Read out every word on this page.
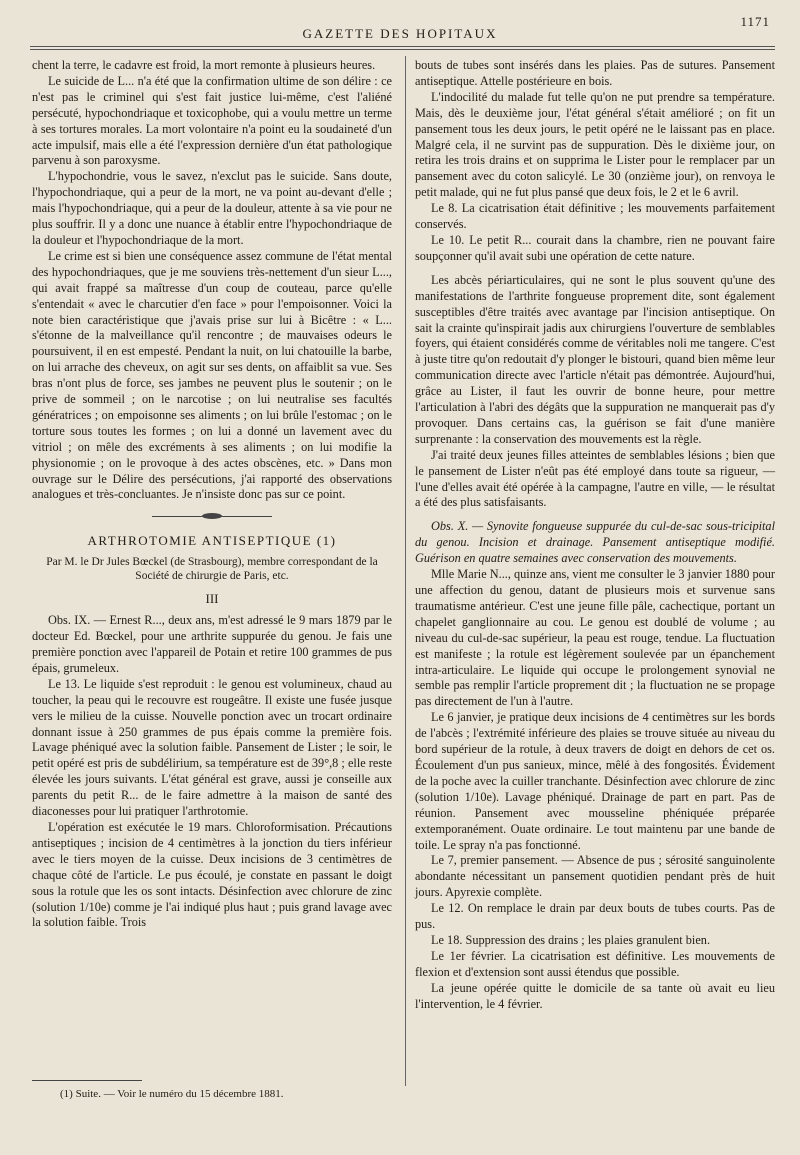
GAZETTE DES HOPITAUX
1171

chent la terre, le cadavre est froid, la mort remonte à plusieurs heures.

Le suicide de L... n'a été que la confirmation ultime de son délire : ce n'est pas le criminel qui s'est fait justice lui-même, c'est l'aliéné persécuté, hypochondriaque et toxicophobe, qui a voulu mettre un terme à ses tortures morales. La mort volontaire n'a point eu la soudaineté d'un acte impulsif, mais elle a été l'expression dernière d'un état pathologique parvenu à son paroxysme.

L'hypochondrie, vous le savez, n'exclut pas le suicide. Sans doute, l'hypochondriaque, qui a peur de la mort, ne va point au-devant d'elle ; mais l'hypochondriaque, qui a peur de la douleur, attente à sa vie pour ne plus souffrir. Il y a donc une nuance à établir entre l'hypochondriaque de la douleur et l'hypochondriaque de la mort.

Le crime est si bien une conséquence assez commune de l'état mental des hypochondriaques, que je me souviens très-nettement d'un sieur L..., qui avait frappé sa maîtresse d'un coup de couteau, parce qu'elle s'entendait « avec le charcutier d'en face » pour l'empoisonner. Voici la note bien caractéristique que j'avais prise sur lui à Bicêtre : « L... s'étonne de la malveillance qu'il rencontre ; de mauvaises odeurs le poursuivent, il en est empesté. Pendant la nuit, on lui chatouille la barbe, on lui arrache des cheveux, on agit sur ses dents, on affaiblit sa vue. Ses bras n'ont plus de force, ses jambes ne peuvent plus le soutenir ; on le prive de sommeil ; on le narcotise ; on lui neutralise ses facultés génératrices ; on empoisonne ses aliments ; on lui brûle l'estomac ; on le torture sous toutes les formes ; on lui a donné un lavement avec du vitriol ; on mêle des excréments à ses aliments ; on lui modifie la physionomie ; on le provoque à des actes obscènes, etc. » Dans mon ouvrage sur le Délire des persécutions, j'ai rapporté des observations analogues et très-concluantes. Je n'insiste donc pas sur ce point.

ARTHROTOMIE ANTISEPTIQUE (1)
Par M. le Dr Jules Bœckel (de Strasbourg), membre correspondant de la Société de chirurgie de Paris, etc.
III

Obs. IX. — Ernest R..., deux ans, m'est adressé le 9 mars 1879 par le docteur Ed. Bœckel, pour une arthrite suppurée du genou. Je fais une première ponction avec l'appareil de Potain et retire 100 grammes de pus épais, grumeleux.

Le 13. Le liquide s'est reproduit : le genou est volumineux, chaud au toucher, la peau qui le recouvre est rougeâtre. Il existe une fusée jusque vers le milieu de la cuisse. Nouvelle ponction avec un trocart ordinaire donnant issue à 250 grammes de pus épais comme la première fois. Lavage phéniqué avec la solution faible. Pansement de Lister ; le soir, le petit opéré est pris de subdélirium, sa température est de 39°,8 ; elle reste élevée les jours suivants. L'état général est grave, aussi je conseille aux parents du petit R... de le faire admettre à la maison de santé des diaconesses pour lui pratiquer l'arthrotomie.

L'opération est exécutée le 19 mars. Chloroformisation. Précautions antiseptiques ; incision de 4 centimètres à la jonction du tiers inférieur avec le tiers moyen de la cuisse. Deux incisions de 3 centimètres de chaque côté de l'article. Le pus écoulé, je constate en passant le doigt sous la rotule que les os sont intacts. Désinfection avec chlorure de zinc (solution 1/10e) comme je l'ai indiqué plus haut ; puis grand lavage avec la solution faible. Trois

(1) Suite. — Voir le numéro du 15 décembre 1881.

bouts de tubes sont insérés dans les plaies. Pas de sutures. Pansement antiseptique. Attelle postérieure en bois.

L'indocilité du malade fut telle qu'on ne put prendre sa température. Mais, dès le deuxième jour, l'état général s'était amélioré ; on fit un pansement tous les deux jours, le petit opéré ne le laissant pas en place. Malgré cela, il ne survint pas de suppuration. Dès le dixième jour, on retira les trois drains et on supprima le Lister pour le remplacer par un pansement avec du coton salicylé. Le 30 (onzième jour), on renvoya le petit malade, qui ne fut plus pansé que deux fois, le 2 et le 6 avril.

Le 8. La cicatrisation était définitive ; les mouvements parfaitement conservés.

Le 10. Le petit R... courait dans la chambre, rien ne pouvant faire soupçonner qu'il avait subi une opération de cette nature.

Les abcès périarticulaires, qui ne sont le plus souvent qu'une des manifestations de l'arthrite fongueuse proprement dite, sont également susceptibles d'être traités avec avantage par l'incision antiseptique. On sait la crainte qu'inspirait jadis aux chirurgiens l'ouverture de semblables foyers, qui étaient considérés comme de véritables noli me tangere. C'est à juste titre qu'on redoutait d'y plonger le bistouri, quand bien même leur communication directe avec l'article n'était pas démontrée. Aujourd'hui, grâce au Lister, il faut les ouvrir de bonne heure, pour mettre l'articulation à l'abri des dégâts que la suppuration ne manquerait pas d'y provoquer. Dans certains cas, la guérison se fait d'une manière surprenante : la conservation des mouvements est la règle.

J'ai traité deux jeunes filles atteintes de semblables lésions ; bien que le pansement de Lister n'eût pas été employé dans toute sa rigueur, — l'une d'elles avait été opérée à la campagne, l'autre en ville, — le résultat a été des plus satisfaisants.

Obs. X. — Synovite fongueuse suppurée du cul-de-sac sous-tricipital du genou. Incision et drainage. Pansement antiseptique modifié. Guérison en quatre semaines avec conservation des mouvements.

Mlle Marie N..., quinze ans, vient me consulter le 3 janvier 1880 pour une affection du genou, datant de plusieurs mois et survenue sans traumatisme antérieur. C'est une jeune fille pâle, cachectique, portant un chapelet ganglionnaire au cou. Le genou est doublé de volume ; au niveau du cul-de-sac supérieur, la peau est rouge, tendue. La fluctuation est manifeste ; la rotule est légèrement soulevée par un épanchement intra-articulaire. Le liquide qui occupe le prolongement synovial ne semble pas remplir l'article proprement dit ; la fluctuation ne se propage pas directement de l'un à l'autre.

Le 6 janvier, je pratique deux incisions de 4 centimètres sur les bords de l'abcès ; l'extrémité inférieure des plaies se trouve située au niveau du bord supérieur de la rotule, à deux travers de doigt en dehors de cet os. Écoulement d'un pus sanieux, mince, mêlé à des fongosités. Évidement de la poche avec la cuiller tranchante. Désinfection avec chlorure de zinc (solution 1/10e). Lavage phéniqué. Drainage de part en part. Pas de réunion. Pansement avec mousseline phéniquée préparée extemporanément. Ouate ordinaire. Le tout maintenu par une bande de toile. Le spray n'a pas fonctionné.

Le 7, premier pansement. — Absence de pus ; sérosité sanguinolente abondante nécessitant un pansement quotidien pendant près de huit jours. Apyrexie complète.

Le 12. On remplace le drain par deux bouts de tubes courts. Pas de pus.

Le 18. Suppression des drains ; les plaies granulent bien.

Le 1er février. La cicatrisation est définitive. Les mouvements de flexion et d'extension sont aussi étendus que possible.

La jeune opérée quitte le domicile de sa tante où avait eu lieu l'intervention, le 4 février.
